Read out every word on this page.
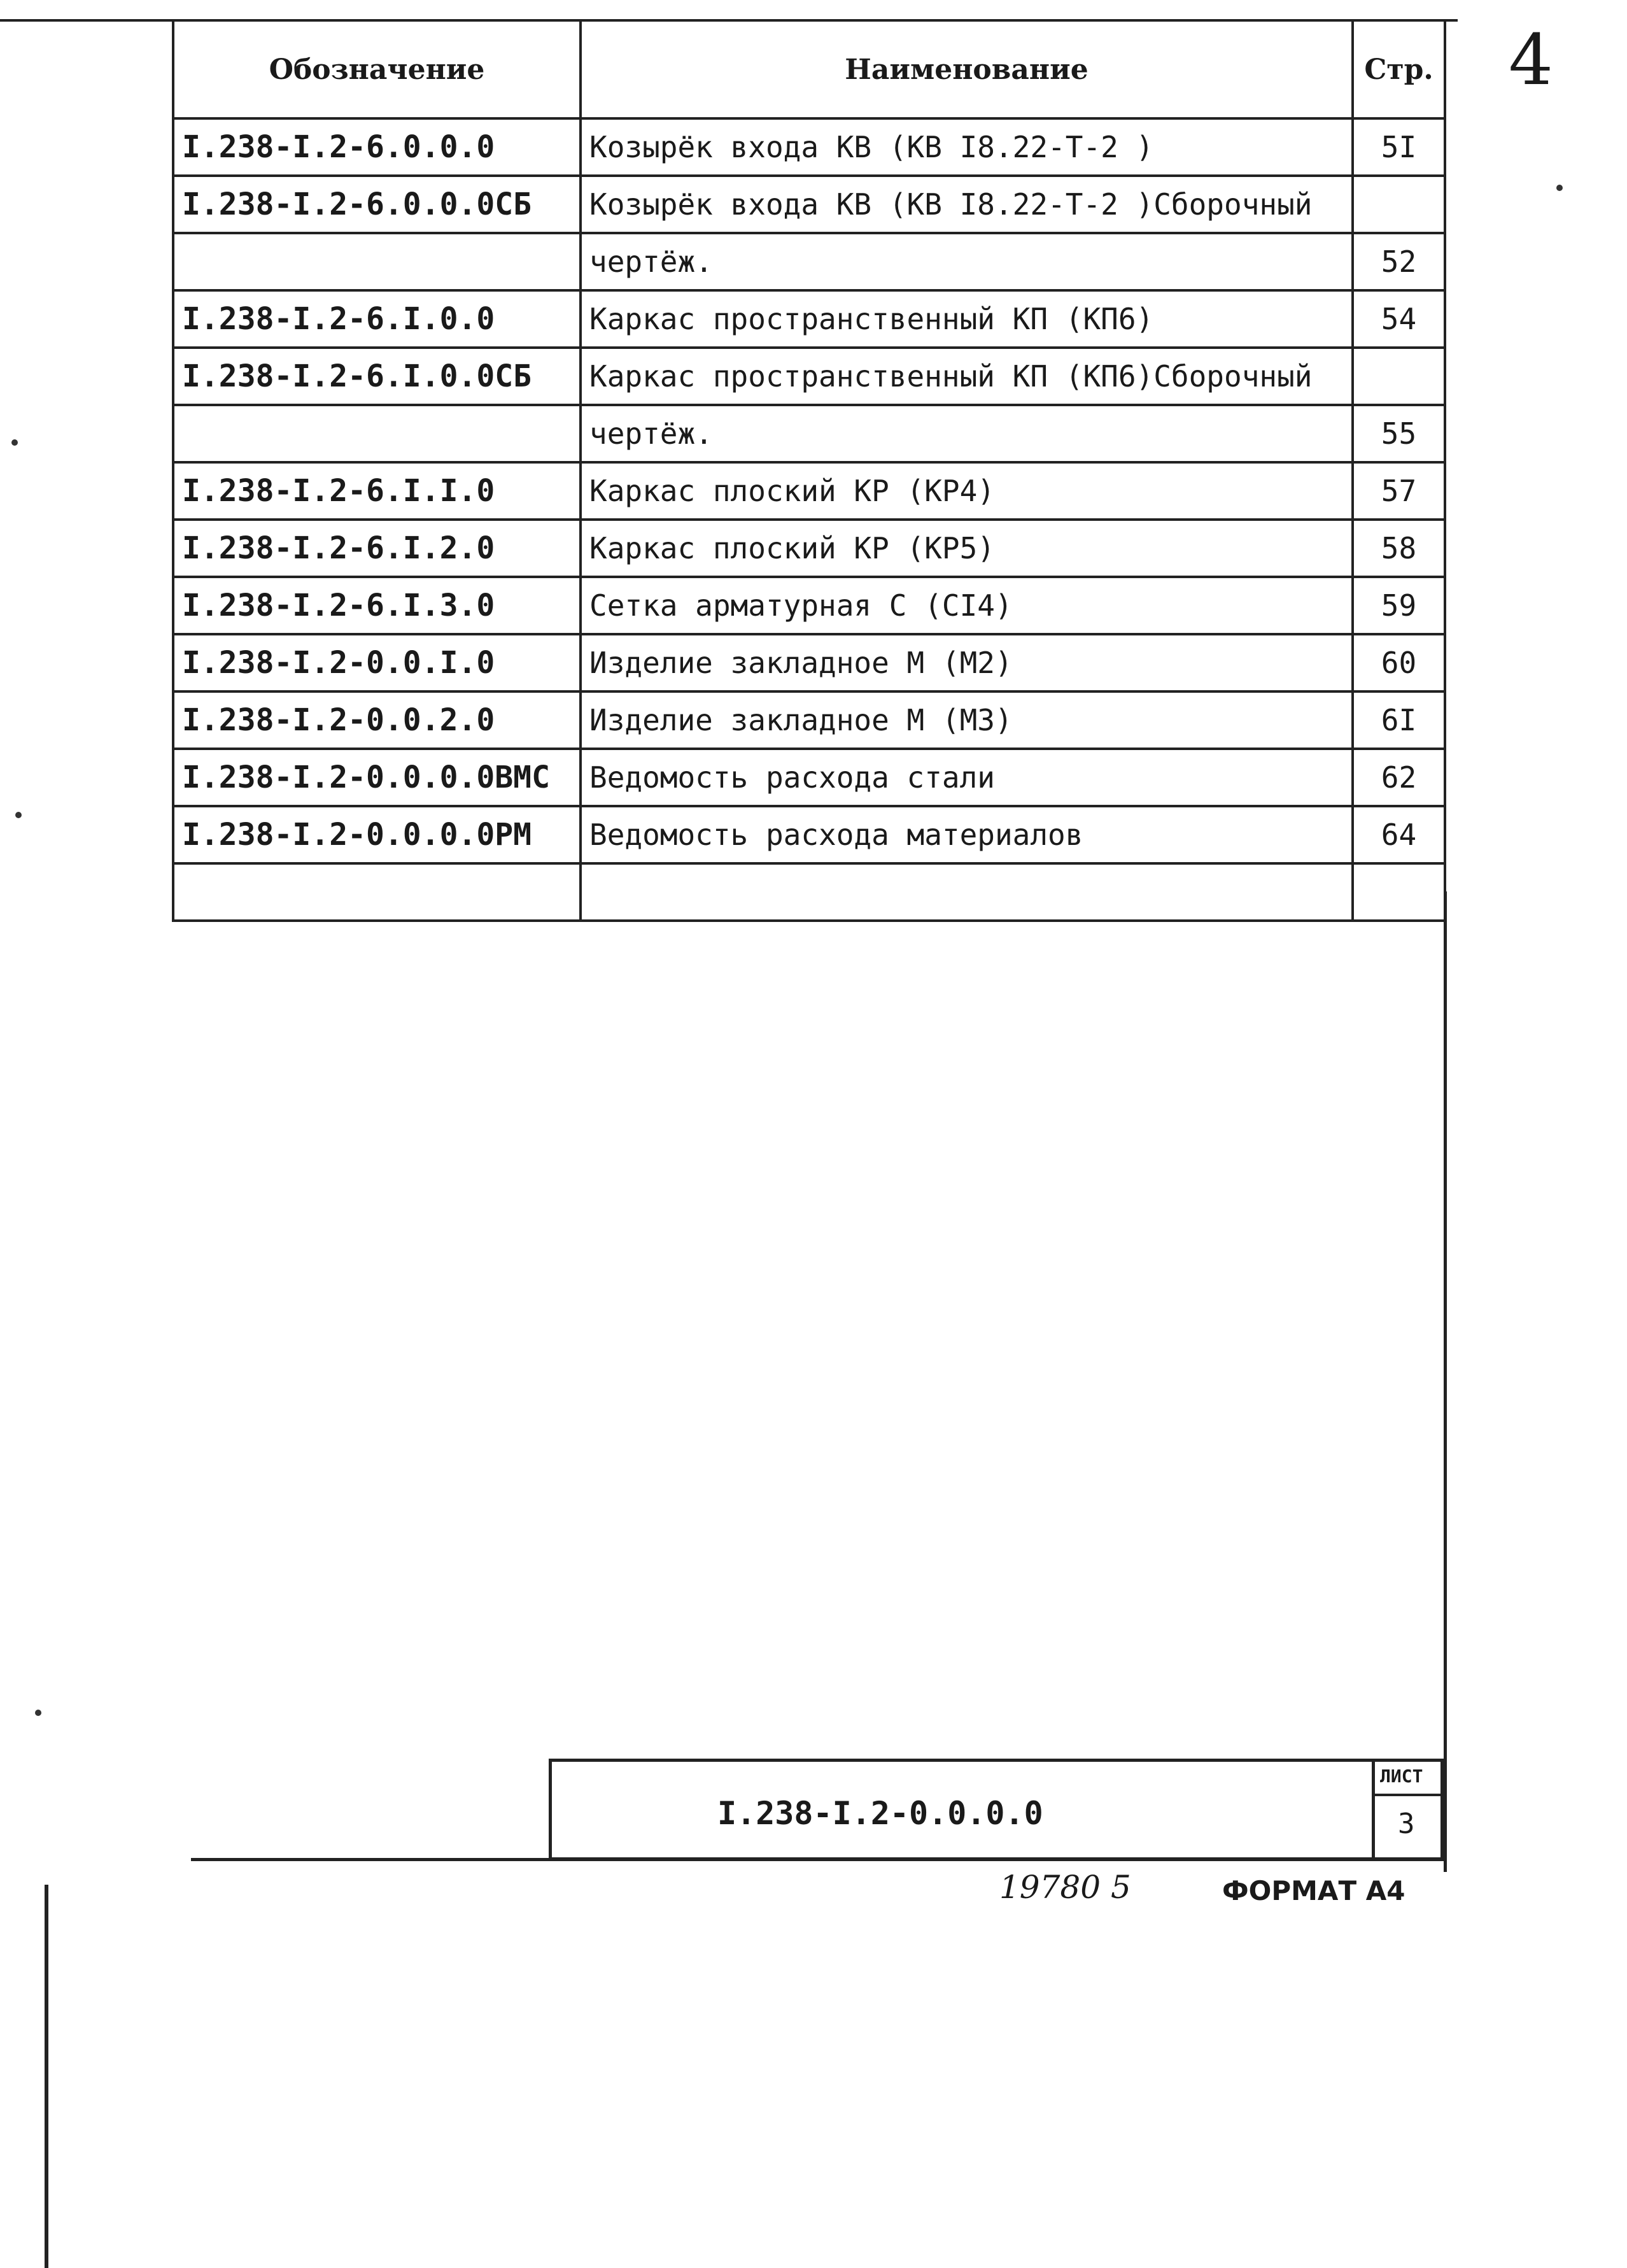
Обозначение	Наименование	Стр.
I.238-I.2-6.0.0.0	Козырёк входа КВ (КВ I8.22-Т-2 )	5I
I.238-I.2-6.0.0.0СБ	Козырёк входа КВ (КВ I8.22-Т-2 )Сборочный	
	чертёж.	52
I.238-I.2-6.I.0.0	Каркас пространственный КП (КП6)	54
I.238-I.2-6.I.0.0СБ	Каркас пространственный КП (КП6)Сборочный	
	чертёж.	55
I.238-I.2-6.I.I.0	Каркас плоский КР (КР4)	57
I.238-I.2-6.I.2.0	Каркас плоский КР (КР5)	58
I.238-I.2-6.I.3.0	Сетка арматурная С (СI4)	59
I.238-I.2-0.0.I.0	Изделие закладное М (М2)	60
I.238-I.2-0.0.2.0	Изделие закладное М (М3)	6I
I.238-I.2-0.0.0.0ВМС	Ведомость расхода стали	62
I.238-I.2-0.0.0.0РМ	Ведомость расхода материалов	64

I.238-I.2-0.0.0.0
ЛИСТ
3
19780 5	ФОРМАТ А4
4
